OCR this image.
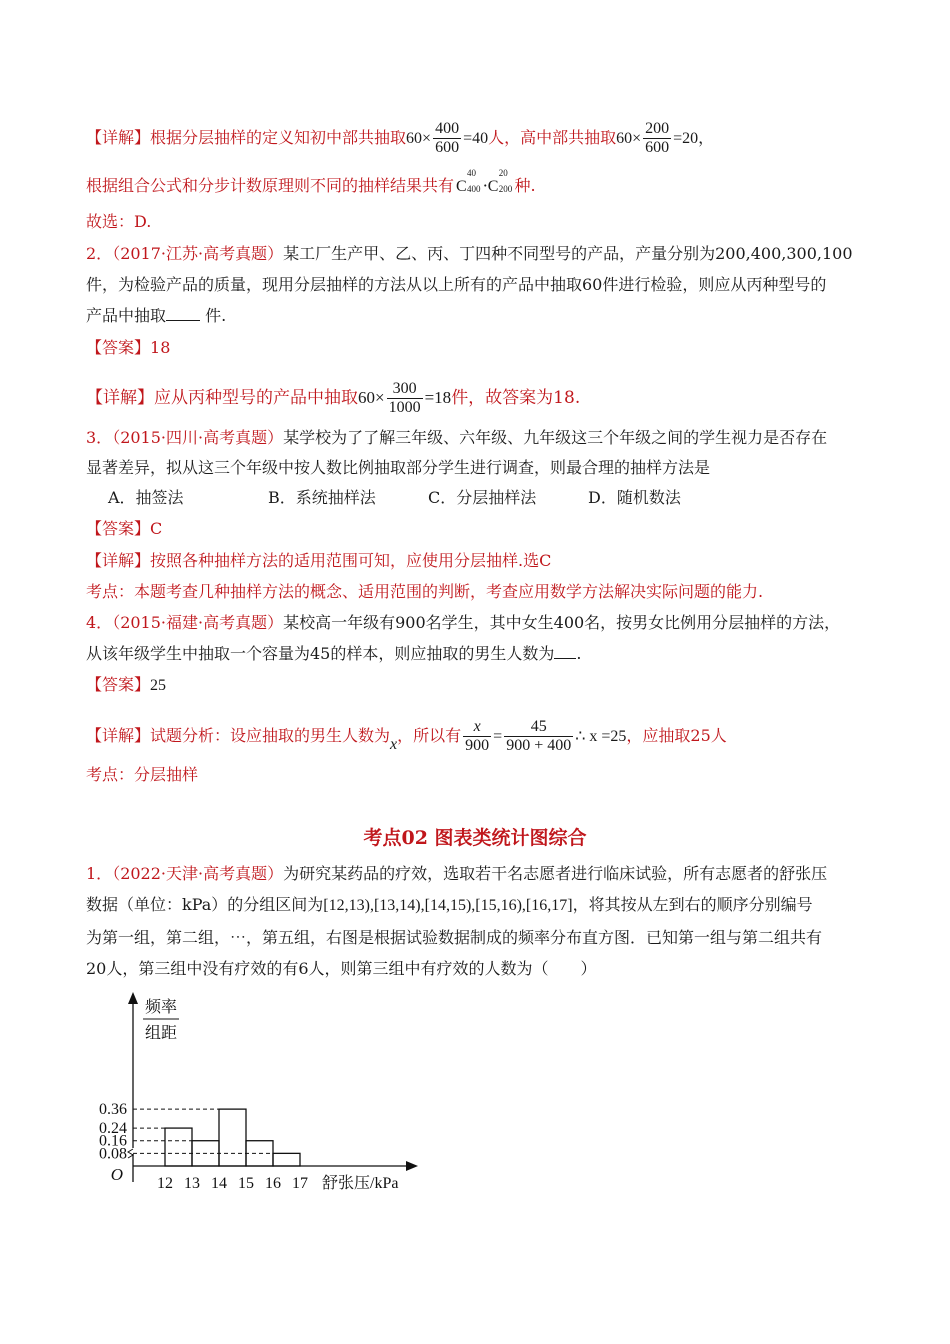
【详解】根据分层抽样的定义知初中部共抽取$60\times \frac{400}{600} =40$人，高中部共抽取$60\times \frac{200}{600} =20$，
根据组合公式和分步计数原理则不同的抽样结果共有 C
40
400 ·C
20
200 种.
故选：D.
2．（2017·江苏·高考真题）某工厂生产甲、乙、丙、丁四种不同型号的产品，产量分别为200,400,300,100
件，为检验产品的质量，现用分层抽样的方法从以上所有的产品中抽取60件进行检验，则应从丙种型号的
产品中抽取 件.
【答案】18
【详解】应从丙种型号的产品中抽取$60\times \frac{300}{1000} =18$件，故答案为18.
3．（2015·四川·高考真题）某学校为了了解三年级、六年级、九年级这三个年级之间的学生视力是否存在
显著差异，拟从这三个年级中按人数比例抽取部分学生进行调查，则最合理的抽样方法是
A．抽签法	B．系统抽样法	C．分层抽样法	D．随机数法
【答案】C
【详解】按照各种抽样方法的适用范围可知，应使用分层抽样.选C
考点：本题考查几种抽样方法的概念、适用范围的判断，考查应用数学方法解决实际问题的能力.
4．（2015·福建·高考真题）某校高一年级有900名学生，其中女生400名，按男女比例用分层抽样的方法，
从该年级学生中抽取一个容量为45的样本，则应抽取的男生人数为 .
【答案】25
【详解】试题分析：设应抽取的男生人数为x，所以有 $\frac{x}{900} = \frac{45}{900 + 400}$ ∴ x =25，应抽取25人
考点：分层抽样
考点02 图表类统计图综合
1．（2022·天津·高考真题）为研究某药品的疗效，选取若干名志愿者进行临床试验，所有志愿者的舒张压
数据（单位：kPa）的分组区间为[12,13),[13,14),[14,15),[15,16),[16,17]，将其按从左到右的顺序分别编号
为第一组，第二组，⋯，第五组，右图是根据试验数据制成的频率分布直方图．已知第一组与第二组共有
20人，第三组中没有疗效的有6人，则第三组中有疗效的人数为（　　）
0.08
0.16
0.24
0.36
12 13 14 15 16 17
O	舒张压/kPa
频率
组距
